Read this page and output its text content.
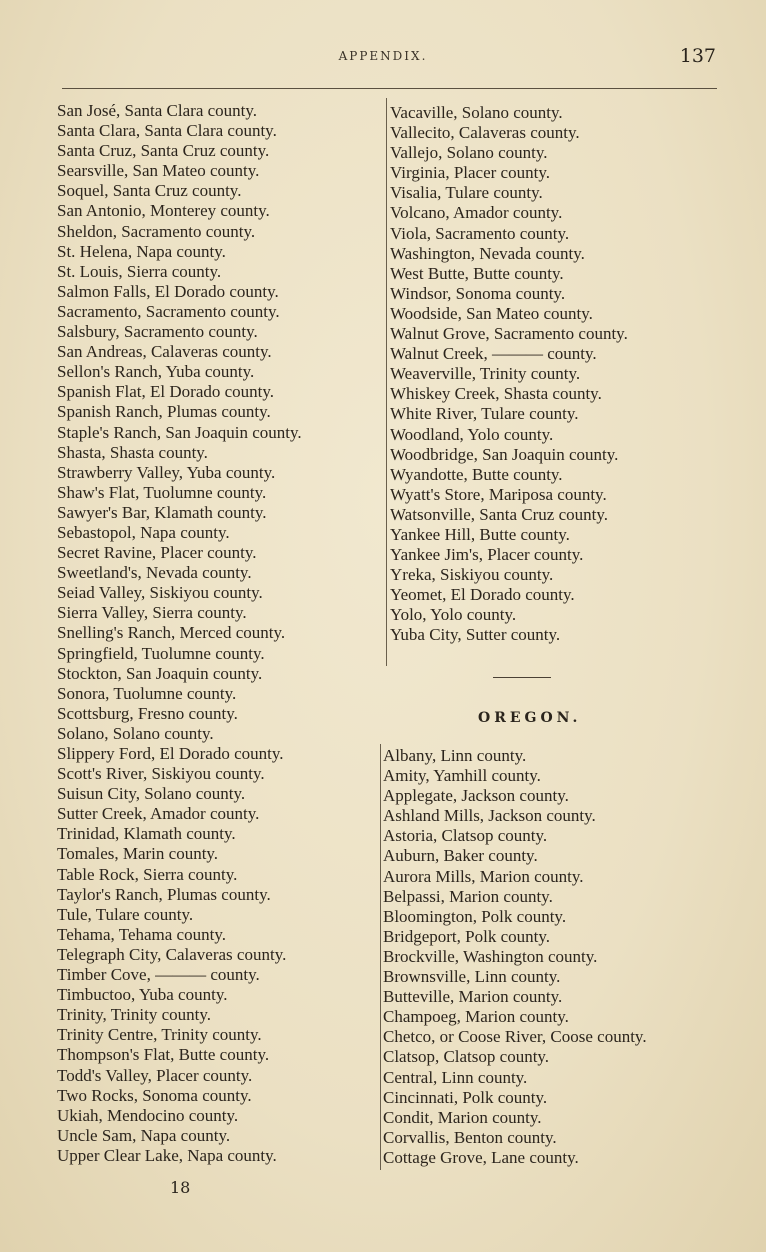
APPENDIX.	137
San José, Santa Clara county.
Santa Clara, Santa Clara county.
Santa Cruz, Santa Cruz county.
Searsville, San Mateo county.
Soquel, Santa Cruz county.
San Antonio, Monterey county.
Sheldon, Sacramento county.
St. Helena, Napa county.
St. Louis, Sierra county.
Salmon Falls, El Dorado county.
Sacramento, Sacramento county.
Salsbury, Sacramento county.
San Andreas, Calaveras county.
Sellon's Ranch, Yuba county.
Spanish Flat, El Dorado county.
Spanish Ranch, Plumas county.
Staple's Ranch, San Joaquin county.
Shasta, Shasta county.
Strawberry Valley, Yuba county.
Shaw's Flat, Tuolumne county.
Sawyer's Bar, Klamath county.
Sebastopol, Napa county.
Secret Ravine, Placer county.
Sweetland's, Nevada county.
Seiad Valley, Siskiyou county.
Sierra Valley, Sierra county.
Snelling's Ranch, Merced county.
Springfield, Tuolumne county.
Stockton, San Joaquin county.
Sonora, Tuolumne county.
Scottsburg, Fresno county.
Solano, Solano county.
Slippery Ford, El Dorado county.
Scott's River, Siskiyou county.
Suisun City, Solano county.
Sutter Creek, Amador county.
Trinidad, Klamath county.
Tomales, Marin county.
Table Rock, Sierra county.
Taylor's Ranch, Plumas county.
Tule, Tulare county.
Tehama, Tehama county.
Telegraph City, Calaveras county.
Timber Cove, ——— county.
Timbuctoo, Yuba county.
Trinity, Trinity county.
Trinity Centre, Trinity county.
Thompson's Flat, Butte county.
Todd's Valley, Placer county.
Two Rocks, Sonoma county.
Ukiah, Mendocino county.
Uncle Sam, Napa county.
Upper Clear Lake, Napa county.
Vacaville, Solano county.
Vallecito, Calaveras county.
Vallejo, Solano county.
Virginia, Placer county.
Visalia, Tulare county.
Volcano, Amador county.
Viola, Sacramento county.
Washington, Nevada county.
West Butte, Butte county.
Windsor, Sonoma county.
Woodside, San Mateo county.
Walnut Grove, Sacramento county.
Walnut Creek, ——— county.
Weaverville, Trinity county.
Whiskey Creek, Shasta county.
White River, Tulare county.
Woodland, Yolo county.
Woodbridge, San Joaquin county.
Wyandotte, Butte county.
Wyatt's Store, Mariposa county.
Watsonville, Santa Cruz county.
Yankee Hill, Butte county.
Yankee Jim's, Placer county.
Yreka, Siskiyou county.
Yeomet, El Dorado county.
Yolo, Yolo county.
Yuba City, Sutter county.
OREGON.
Albany, Linn county.
Amity, Yamhill county.
Applegate, Jackson county.
Ashland Mills, Jackson county.
Astoria, Clatsop county.
Auburn, Baker county.
Aurora Mills, Marion county.
Belpassi, Marion county.
Bloomington, Polk county.
Bridgeport, Polk county.
Brockville, Washington county.
Brownsville, Linn county.
Butteville, Marion county.
Champoeg, Marion county.
Chetco, or Coose River, Coose county.
Clatsop, Clatsop county.
Central, Linn county.
Cincinnati, Polk county.
Condit, Marion county.
Corvallis, Benton county.
Cottage Grove, Lane county.
18
